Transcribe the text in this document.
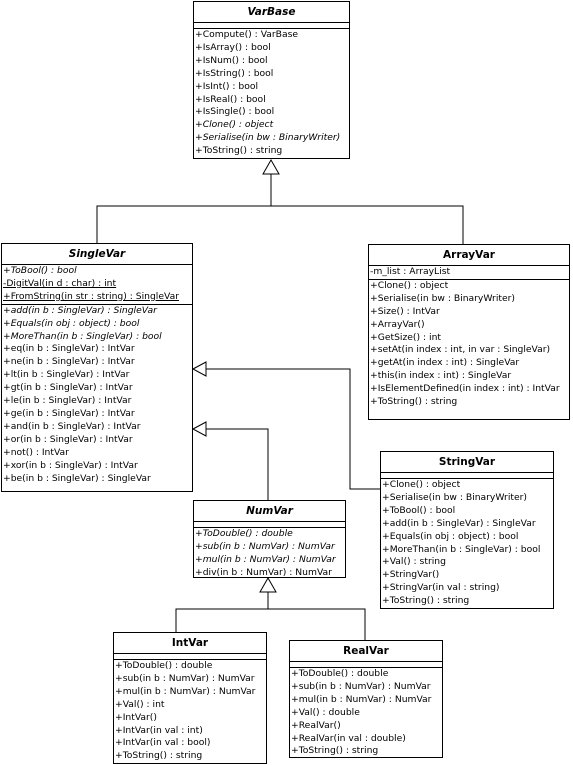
VarBase
+Compute() : VarBase
+IsArray() : bool
+IsNum() : bool
+IsString() : bool
+IsInt() : bool
+IsReal() : bool
+IsSingle() : bool
+Clone() : object
+Serialise(in bw : BinaryWriter)
+ToString() : string
SingleVar
+ToBool() : bool
-DigitVal(in d : char) : int
+FromString(in str : string) : SingleVar
+add(in b : SingleVar) : SingleVar
+Equals(in obj : object) : bool
+MoreThan(in b : SingleVar) : bool
+eq(in b : SingleVar) : IntVar
+ne(in b : SingleVar) : IntVar
+lt(in b : SingleVar) : IntVar
+gt(in b : SingleVar) : IntVar
+le(in b : SingleVar) : IntVar
+ge(in b : SingleVar) : IntVar
+and(in b : SingleVar) : IntVar
+or(in b : SingleVar) : IntVar
+not() : IntVar
+xor(in b : SingleVar) : IntVar
+be(in b : SingleVar) : SingleVar
ArrayVar
-m_list : ArrayList
+Clone() : object
+Serialise(in bw : BinaryWriter)
+Size() : IntVar
+ArrayVar()
+GetSize() : int
+setAt(in index : int, in var : SingleVar)
+getAt(in index : int) : SingleVar
+this(in index : int) : SingleVar
+IsElementDefined(in index : int) : IntVar
+ToString() : string
StringVar
+Clone() : object
+Serialise(in bw : BinaryWriter)
+ToBool() : bool
+add(in b : SingleVar) : SingleVar
+Equals(in obj : object) : bool
+MoreThan(in b : SingleVar) : bool
+Val() : string
+StringVar()
+StringVar(in val : string)
+ToString() : string
NumVar
+ToDouble() : double
+sub(in b : NumVar) : NumVar
+mul(in b : NumVar) : NumVar
+div(in b : NumVar) : NumVar
IntVar
+ToDouble() : double
+sub(in b : NumVar) : NumVar
+mul(in b : NumVar) : NumVar
+Val() : int
+IntVar()
+IntVar(in val : int)
+IntVar(in val : bool)
+ToString() : string
RealVar
+ToDouble() : double
+sub(in b : NumVar) : NumVar
+mul(in b : NumVar) : NumVar
+Val() : double
+RealVar()
+RealVar(in val : double)
+ToString() : string
